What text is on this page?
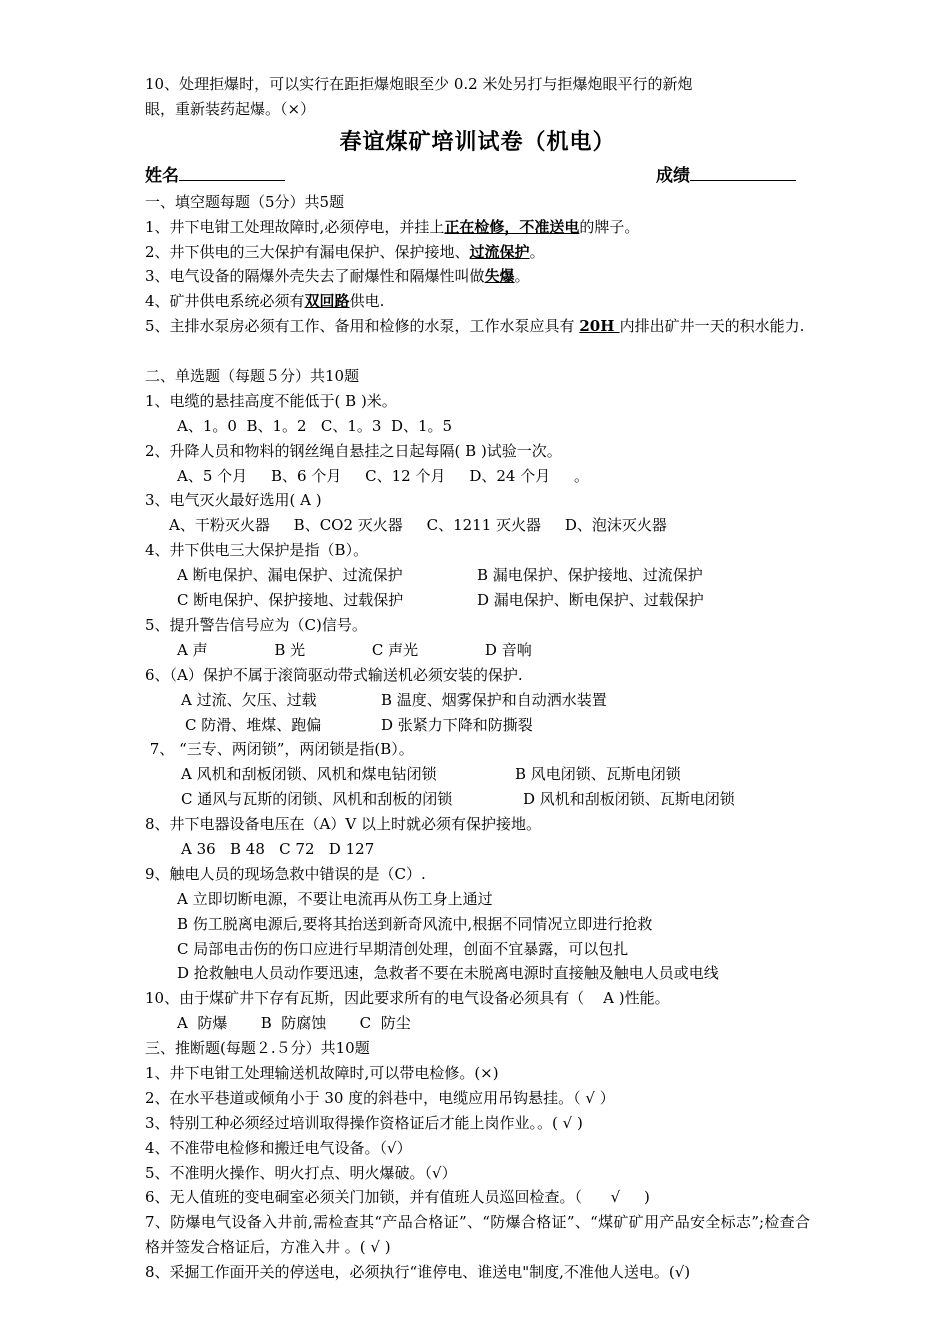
10、处理拒爆时，可以实行在距拒爆炮眼至少 0.2 米处另打与拒爆炮眼平行的新炮
眼，重新装药起爆。（×）
春谊煤矿培训试卷（机电）
姓名	成绩
一、填空题每题（5分）共5题
1、井下电钳工处理故障时,必须停电，并挂上正在检修，不准送电的牌子。
2、井下供电的三大保护有漏电保护、保护接地、过流保护。
3、电气设备的隔爆外壳失去了耐爆性和隔爆性叫做失爆。
4、矿井供电系统必须有双回路供电.
5、主排水泵房必须有工作、备用和检修的水泵，工作水泵应具有 20H 内排出矿井一天的积水能力.
二、单选题（每题５分）共10题
1、电缆的悬挂高度不能低于( B )米。
A、1。0  B、1。2   C、1。3  D、1。5
2、升降人员和物料的钢丝绳自悬挂之日起每隔( B )试验一次。
A、5 个月     B、6 个月     C、12 个月     D、24 个月     。
3、电气灭火最好选用( A )
A、干粉灭火器     B、CO2 灭火器     C、1211 灭火器     D、泡沫灭火器
4、井下供电三大保护是指（B）。
A 断电保护、漏电保护、过流保护	B 漏电保护、保护接地、过流保护
C 断电保护、保护接地、过载保护	D 漏电保护、断电保护、过载保护
5、提升警告信号应为（C)信号。
A 声              B 光              C 声光              D 音响
6、（A）保护不属于滚筒驱动带式输送机必须安装的保护.
A 过流、欠压、过载	B 温度、烟雾保护和自动洒水装置
C 防滑、堆煤、跑偏	D 张紧力下降和防撕裂
7、 “三专、两闭锁”，两闭锁是指(B）。
A 风机和刮板闭锁、风机和煤电钻闭锁	B 风电闭锁、瓦斯电闭锁
C 通风与瓦斯的闭锁、风机和刮板的闭锁	D 风机和刮板闭锁、瓦斯电闭锁
8、井下电器设备电压在（A）V 以上时就必须有保护接地。
A 36   B 48   C 72   D 127
9、触电人员的现场急救中错误的是（C）.
A 立即切断电源，不要让电流再从伤工身上通过
B 伤工脱离电源后,要将其抬送到新奇风流中,根据不同情况立即进行抢救
C 局部电击伤的伤口应进行早期清创处理，创面不宜暴露，可以包扎
D 抢救触电人员动作要迅速，急救者不要在未脱离电源时直接触及触电人员或电线
10、由于煤矿井下存有瓦斯，因此要求所有的电气设备必须具有（    A )性能。
A  防爆       B  防腐蚀       C  防尘
三、推断题(每题２.５分）共10题
1、井下电钳工处理输送机故障时,可以带电检修。(×)
2、在水平巷道或倾角小于 30 度的斜巷中，电缆应用吊钩悬挂。（ √ ）
3、特别工种必须经过培训取得操作资格证后才能上岗作业。。( √ )
4、不准带电检修和搬迁电气设备。（√）
5、不准明火操作、明火打点、明火爆破。（√）
6、无人值班的变电硐室必须关门加锁，并有值班人员巡回检查。（      √     )
7、防爆电气设备入井前,需检查其“产品合格证”、“防爆合格证”、“煤矿矿用产品安全标志”;检查合格并签发合格证后，方准入井 。( √ )
8、采掘工作面开关的停送电，必须执行“谁停电、谁送电"制度,不准他人送电。(√)
